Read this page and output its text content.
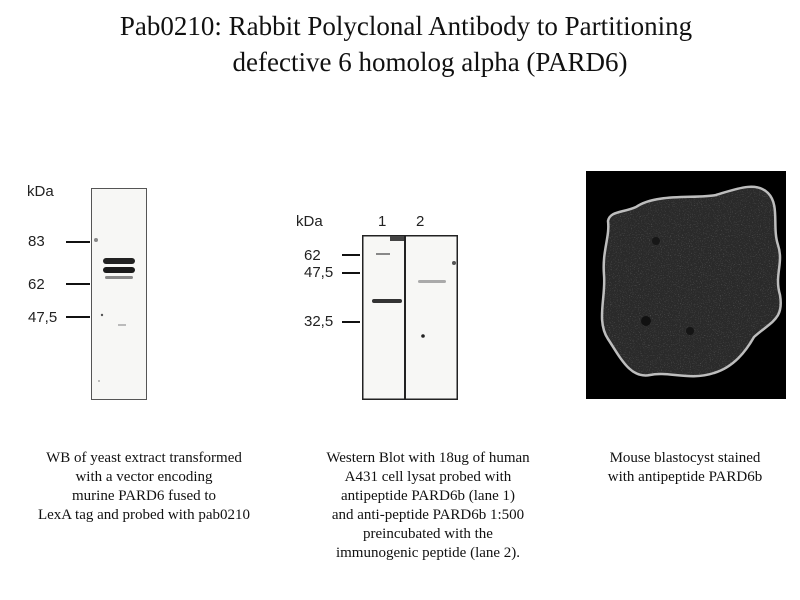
Pab0210: Rabbit Polyclonal Antibody to Partitioning
defective 6 homolog alpha (PARD6)
kDa
83
62
47,5
WB of yeast extract transformed
with a vector encoding
murine PARD6 fused to
LexA tag and probed with pab0210
kDa	1 2
62
47,5
32,5
Western Blot with 18ug of human
A431 cell lysat probed with
antipeptide PARD6b (lane 1)
and anti-peptide PARD6b 1:500
preincubated with the
immunogenic peptide (lane 2).
Mouse blastocyst stained
with antipeptide PARD6b
